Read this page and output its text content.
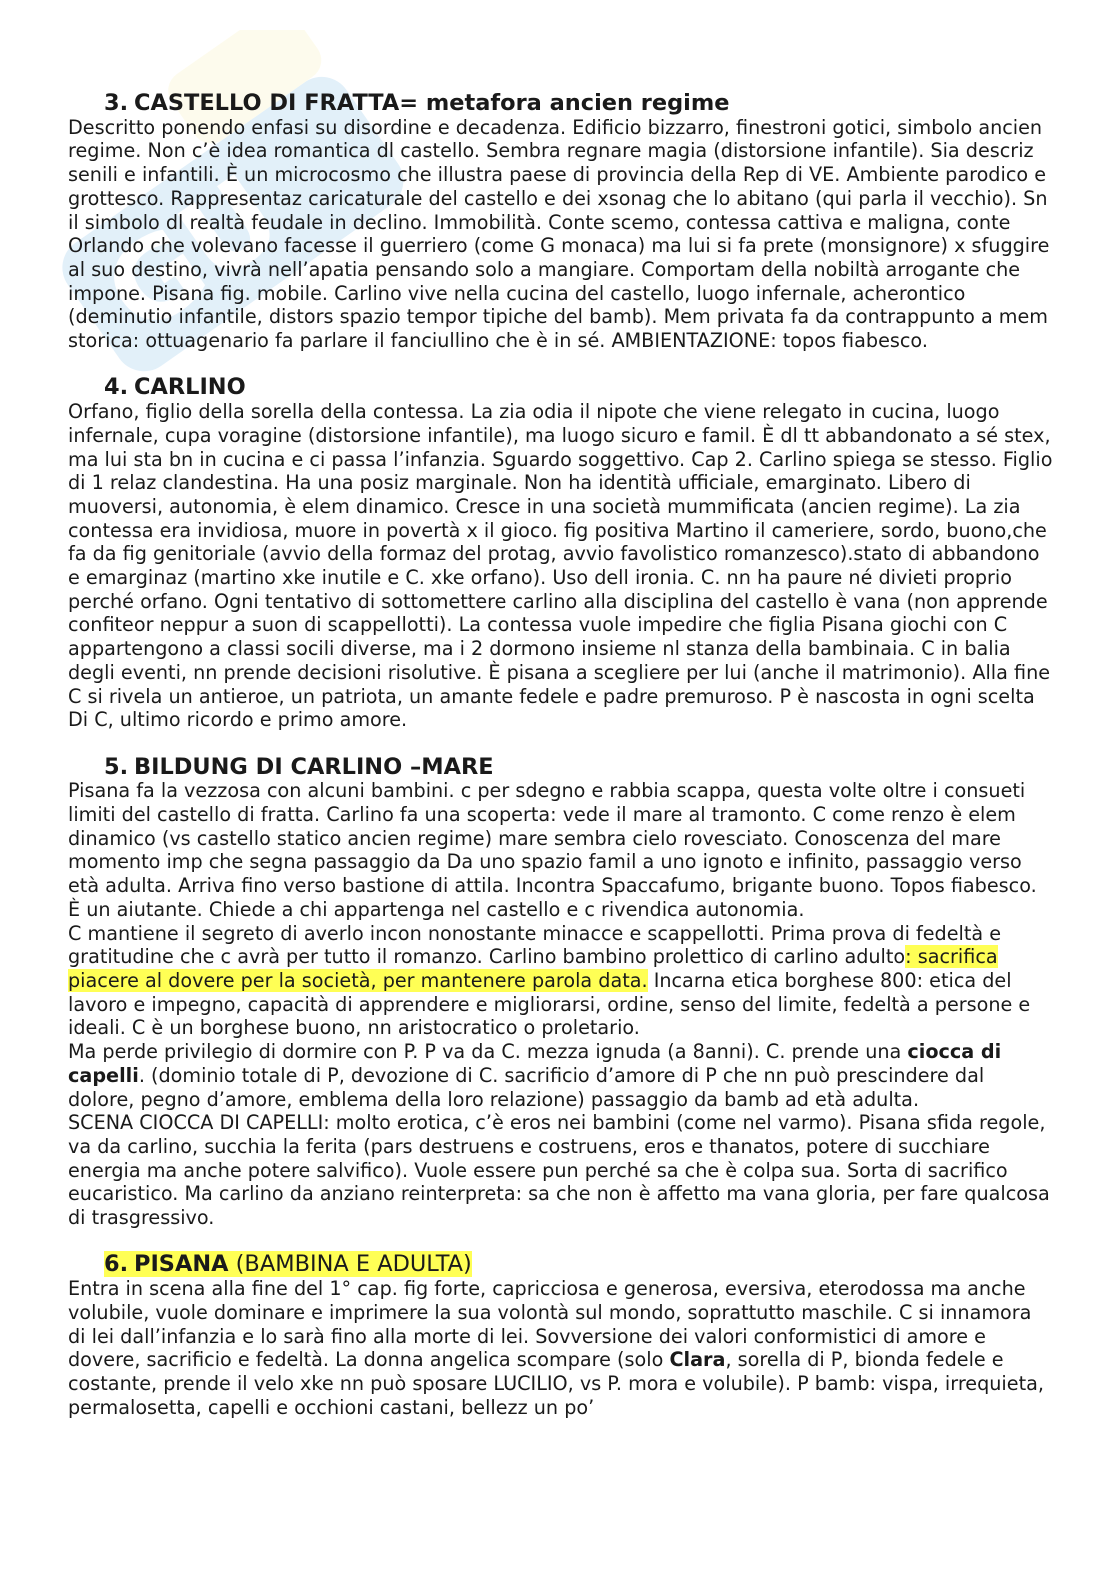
GU
3. CASTELLO DI FRATTA= metafora ancien regime

Descritto ponendo enfasi su disordine e decadenza. Edificio bizzarro, finestroni gotici, simbolo ancien regime. Non c’è idea romantica dl castello. Sembra regnare magia (distorsione infantile). Sia descriz senili e infantili. È un microcosmo che illustra paese di provincia della Rep di VE. Ambiente parodico e grottesco. Rappresentaz caricaturale del castello e dei xsonag che lo abitano (qui parla il vecchio). Sn il simbolo dl realtà feudale in declino. Immobilità. Conte scemo, contessa cattiva e maligna, conte Orlando che volevano facesse il guerriero (come G monaca) ma lui si fa prete (monsignore) x sfuggire al suo destino, vivrà nell’apatia pensando solo a mangiare. Comportam della nobiltà arrogante che impone. Pisana fig. mobile. Carlino vive nella cucina del castello, luogo infernale, acherontico (deminutio infantile, distors spazio tempor tipiche del bamb). Mem privata fa da contrappunto a mem storica: ottuagenario fa parlare il fanciullino che è in sé. AMBIENTAZIONE: topos fiabesco.

4. CARLINO

Orfano, figlio della sorella della contessa. La zia odia il nipote che viene relegato in cucina, luogo infernale, cupa voragine (distorsione infantile), ma luogo sicuro e famil. È dl tt abbandonato a sé stex, ma lui sta bn in cucina e ci passa l’infanzia. Sguardo soggettivo. Cap 2. Carlino spiega se stesso. Figlio di 1 relaz clandestina. Ha una posiz marginale. Non ha identità ufficiale, emarginato. Libero di muoversi, autonomia, è elem dinamico. Cresce in una società mummificata (ancien regime). La zia contessa era invidiosa, muore in povertà x il gioco. fig positiva Martino il cameriere, sordo, buono,che fa da fig genitoriale (avvio della formaz del protag, avvio favolistico romanzesco).stato di abbandono e emarginaz (martino xke inutile e C. xke orfano). Uso dell ironia. C. nn ha paure né divieti proprio perché orfano. Ogni tentativo di sottomettere carlino alla disciplina del castello è vana (non apprende confiteor neppur a suon di scappellotti). La contessa vuole impedire che figlia Pisana giochi con C appartengono a classi socili diverse, ma i 2 dormono insieme nl stanza della bambinaia. C in balia degli eventi, nn prende decisioni risolutive. È pisana a scegliere per lui (anche il matrimonio). Alla fine C si rivela un antieroe, un patriota, un amante fedele e padre premuroso. P è nascosta in ogni scelta Di C, ultimo ricordo e primo amore.

5. BILDUNG DI CARLINO –MARE

Pisana fa la vezzosa con alcuni bambini. c per sdegno e rabbia scappa, questa volte oltre i consueti limiti del castello di fratta. Carlino fa una scoperta: vede il mare al tramonto. C come renzo è elem dinamico (vs castello statico ancien regime) mare sembra cielo rovesciato. Conoscenza del mare momento imp che segna passaggio da Da uno spazio famil a uno ignoto e infinito, passaggio verso età adulta. Arriva fino verso bastione di attila. Incontra Spaccafumo, brigante buono. Topos fiabesco. È un aiutante. Chiede a chi appartenga nel castello e c rivendica autonomia.

C mantiene il segreto di averlo incon nonostante minacce e scappellotti. Prima prova di fedeltà e gratitudine che c avrà per tutto il romanzo. Carlino bambino prolettico di carlino adulto: sacrifica piacere al dovere per la società, per mantenere parola data. Incarna etica borghese 800: etica del lavoro e impegno, capacità di apprendere e migliorarsi, ordine, senso del limite, fedeltà a persone e ideali. C è un borghese buono, nn aristocratico o proletario.

Ma perde privilegio di dormire con P. P va da C. mezza ignuda (a 8anni). C. prende una ciocca di capelli. (dominio totale di P, devozione di C. sacrificio d’amore di P che nn può prescindere dal dolore, pegno d’amore, emblema della loro relazione) passaggio da bamb ad età adulta.

SCENA CIOCCA DI CAPELLI: molto erotica, c’è eros nei bambini (come nel varmo). Pisana sfida regole, va da carlino, succhia la ferita (pars destruens e costruens, eros e thanatos, potere di succhiare energia ma anche potere salvifico). Vuole essere pun perché sa che è colpa sua. Sorta di sacrifico eucaristico. Ma carlino da anziano reinterpreta: sa che non è affetto ma vana gloria, per fare qualcosa di trasgressivo.

6. PISANA (BAMBINA E ADULTA)

Entra in scena alla fine del 1° cap. fig forte, capricciosa e generosa, eversiva, eterodossa ma anche volubile, vuole dominare e imprimere la sua volontà sul mondo, soprattutto maschile. C si innamora di lei dall’infanzia e lo sarà fino alla morte di lei. Sovversione dei valori conformistici di amore e dovere, sacrificio e fedeltà. La donna angelica scompare (solo Clara, sorella di P, bionda fedele e costante, prende il velo xke nn può sposare LUCILIO, vs P. mora e volubile). P bamb: vispa, irrequieta, permalosetta, capelli e occhioni castani, bellezz un po’
